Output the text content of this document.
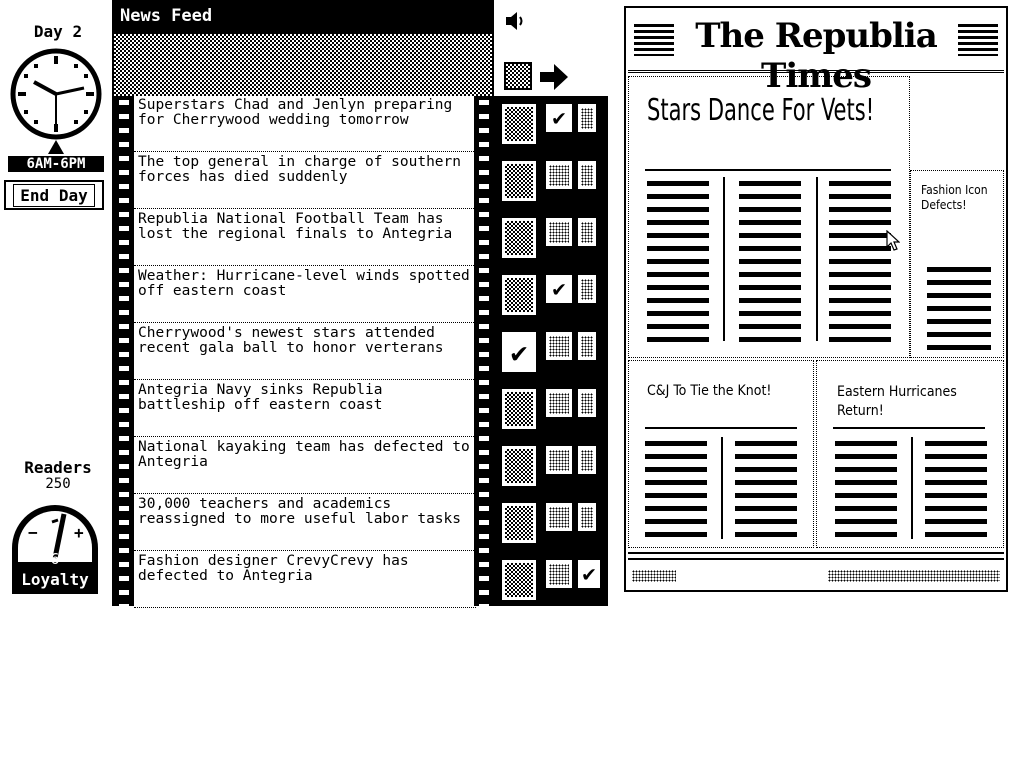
Day 2
6AM-6PM
End Day
Readers
250
− +
6
Loyalty
News Feed
Superstars Chad and Jenlyn preparing for Cherrywood wedding tomorrow
The top general in charge of southern forces has died suddenly
Republia National Football Team has lost the regional finals to Antegria
Weather: Hurricane-level winds spotted off eastern coast
Cherrywood's newest stars attended recent gala ball to honor verterans
Antegria Navy sinks Republia battleship off eastern coast
National kayaking team has defected to Antegria
30,000 teachers and academics reassigned to more useful labor tasks
Fashion designer CrevyCrevy has defected to Antegria
✔
✔
✔
✔
The Republia Times
Stars Dance For Vets!
Fashion Icon Defects!
C&J To Tie the Knot!	Eastern Hurricanes Return!
